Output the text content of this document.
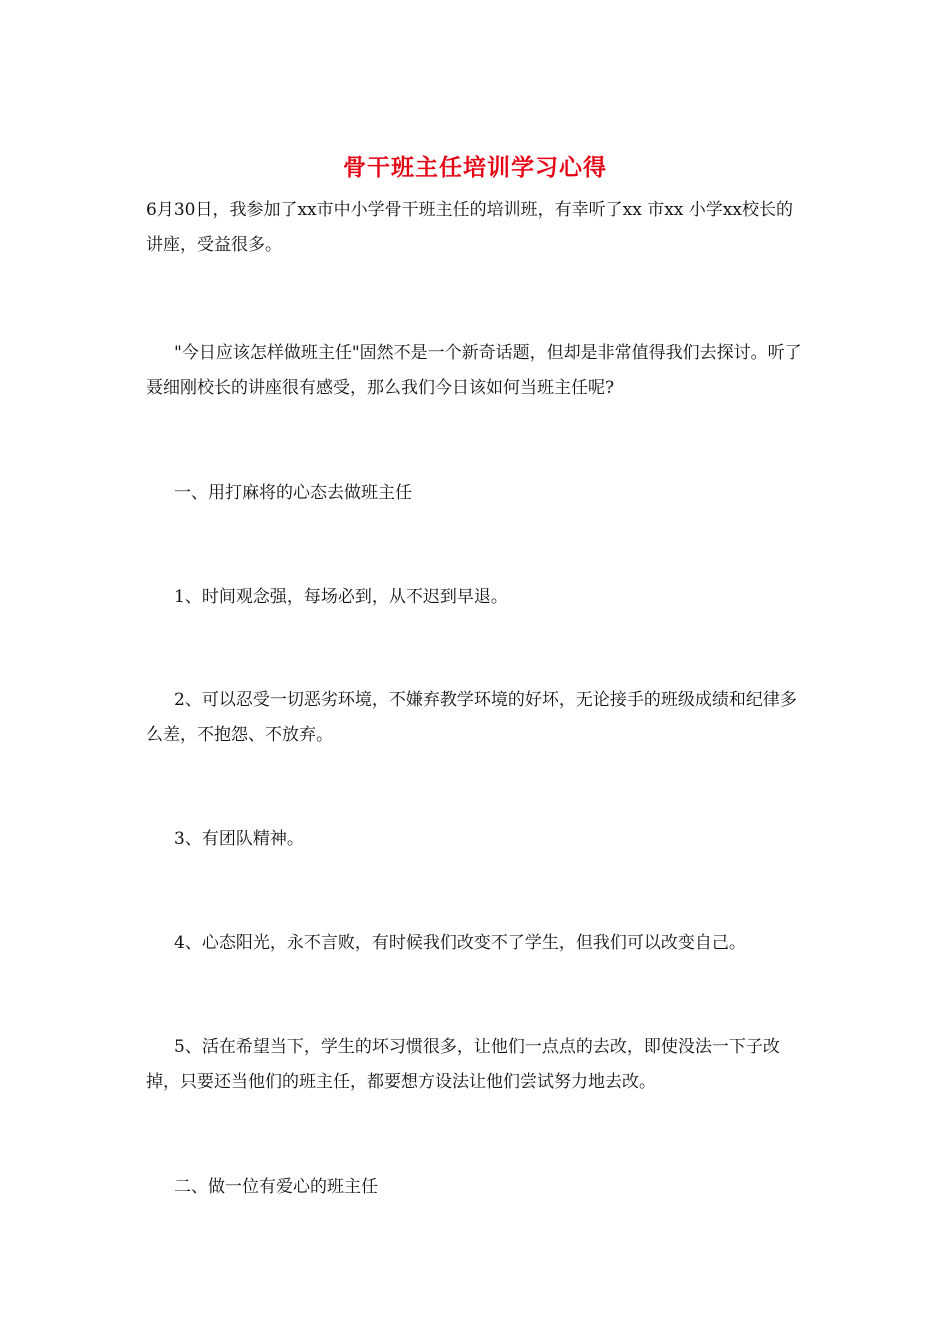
骨干班主任培训学习心得

6月30日，我参加了xx市中小学骨干班主任的培训班，有幸听了xx 市xx 小学xx校长的讲座，受益很多。

"今日应该怎样做班主任"固然不是一个新奇话题，但却是非常值得我们去探讨。听了聂细刚校长的讲座很有感受，那么我们今日该如何当班主任呢?

一、用打麻将的心态去做班主任

1、时间观念强，每场必到，从不迟到早退。

2、可以忍受一切恶劣环境，不嫌弃教学环境的好坏，无论接手的班级成绩和纪律多么差，不抱怨、不放弃。

3、有团队精神。

4、心态阳光，永不言败，有时候我们改变不了学生，但我们可以改变自己。

5、活在希望当下，学生的坏习惯很多，让他们一点点的去改，即使没法一下子改掉，只要还当他们的班主任，都要想方设法让他们尝试努力地去改。

二、做一位有爱心的班主任
